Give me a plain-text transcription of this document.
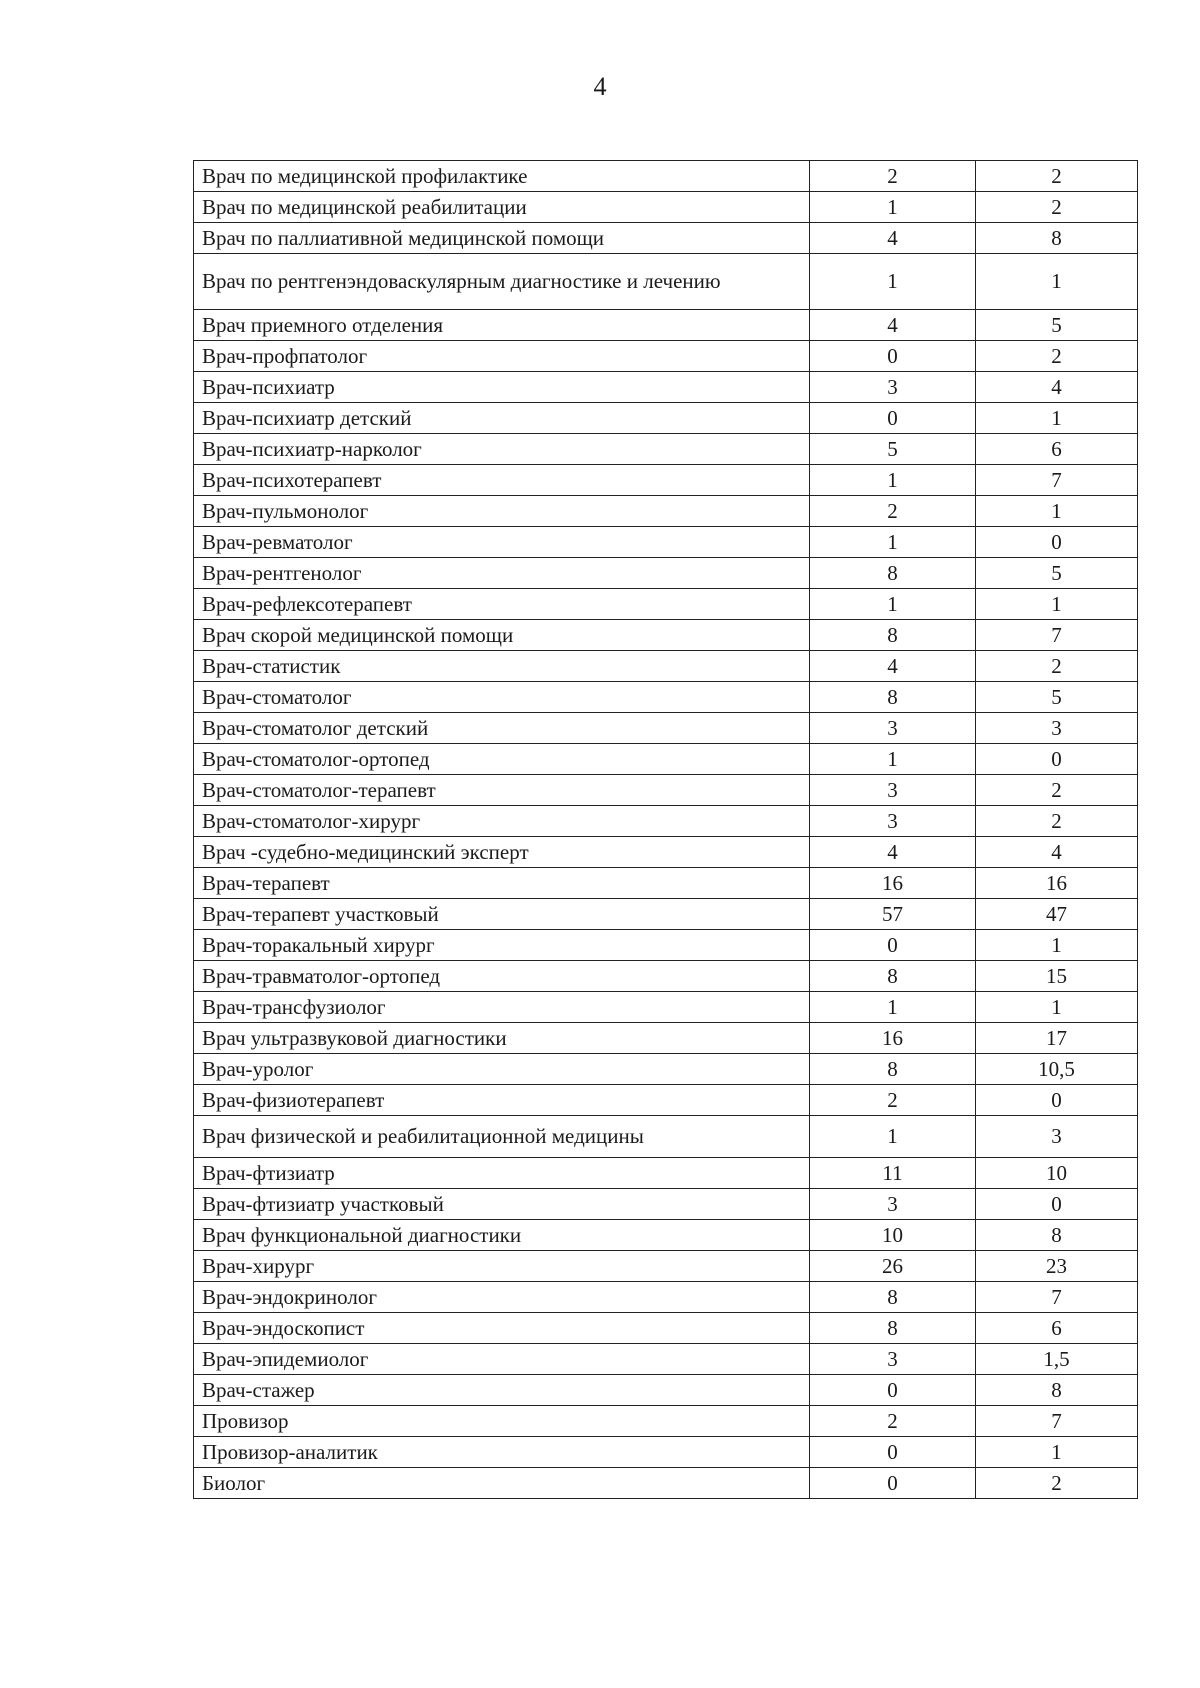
4
Врач по медицинской профилактике	2	2
Врач по медицинской реабилитации	1	2
Врач по паллиативной медицинской помощи	4	8
Врач по рентгенэндоваскулярным диагностике и лечению	1	1
Врач приемного отделения	4	5
Врач-профпатолог	0	2
Врач-психиатр	3	4
Врач-психиатр детский	0	1
Врач-психиатр-нарколог	5	6
Врач-психотерапевт	1	7
Врач-пульмонолог	2	1
Врач-ревматолог	1	0
Врач-рентгенолог	8	5
Врач-рефлексотерапевт	1	1
Врач скорой медицинской помощи	8	7
Врач-статистик	4	2
Врач-стоматолог	8	5
Врач-стоматолог детский	3	3
Врач-стоматолог-ортопед	1	0
Врач-стоматолог-терапевт	3	2
Врач-стоматолог-хирург	3	2
Врач -судебно-медицинский эксперт	4	4
Врач-терапевт	16	16
Врач-терапевт участковый	57	47
Врач-торакальный хирург	0	1
Врач-травматолог-ортопед	8	15
Врач-трансфузиолог	1	1
Врач ультразвуковой диагностики	16	17
Врач-уролог	8	10,5
Врач-физиотерапевт	2	0
Врач физической и реабилитационной медицины	1	3
Врач-фтизиатр	11	10
Врач-фтизиатр участковый	3	0
Врач функциональной диагностики	10	8
Врач-хирург	26	23
Врач-эндокринолог	8	7
Врач-эндоскопист	8	6
Врач-эпидемиолог	3	1,5
Врач-стажер	0	8
Провизор	2	7
Провизор-аналитик	0	1
Биолог	0	2
